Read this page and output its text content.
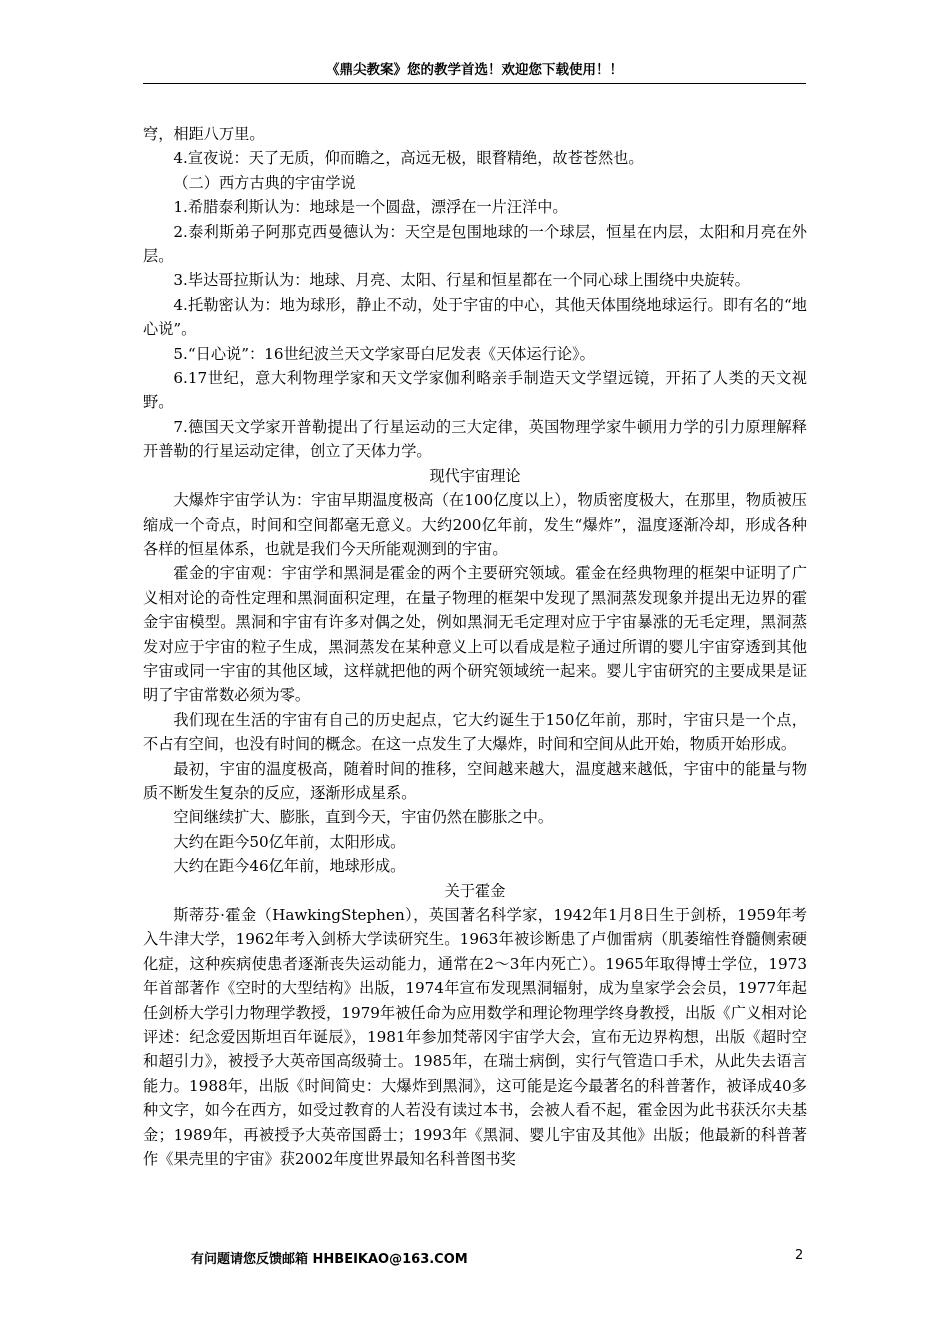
《鼎尖教案》您的教学首选！欢迎您下载使用！！

穹，相距八万里。

4.宣夜说：天了无质，仰而瞻之，高远无极，眼瞀精绝，故苍苍然也。

（二）西方古典的宇宙学说

1.希腊泰利斯认为：地球是一个圆盘，漂浮在一片汪洋中。

2.泰利斯弟子阿那克西曼德认为：天空是包围地球的一个球层，恒星在内层，太阳和月亮在外层。

3.毕达哥拉斯认为：地球、月亮、太阳、行星和恒星都在一个同心球上围绕中央旋转。

4.托勒密认为：地为球形，静止不动，处于宇宙的中心，其他天体围绕地球运行。即有名的“地心说”。

5.“日心说”：16世纪波兰天文学家哥白尼发表《天体运行论》。

6.17世纪，意大利物理学家和天文学家伽利略亲手制造天文学望远镜，开拓了人类的天文视野。

7.德国天文学家开普勒提出了行星运动的三大定律，英国物理学家牛顿用力学的引力原理解释开普勒的行星运动定律，创立了天体力学。

现代宇宙理论

大爆炸宇宙学认为：宇宙早期温度极高（在100亿度以上），物质密度极大，在那里，物质被压缩成一个奇点，时间和空间都毫无意义。大约200亿年前，发生“爆炸”，温度逐渐冷却，形成各种各样的恒星体系，也就是我们今天所能观测到的宇宙。

霍金的宇宙观：宇宙学和黑洞是霍金的两个主要研究领域。霍金在经典物理的框架中证明了广义相对论的奇性定理和黑洞面积定理，在量子物理的框架中发现了黑洞蒸发现象并提出无边界的霍金宇宙模型。黑洞和宇宙有许多对偶之处，例如黑洞无毛定理对应于宇宙暴涨的无毛定理，黑洞蒸发对应于宇宙的粒子生成，黑洞蒸发在某种意义上可以看成是粒子通过所谓的婴儿宇宙穿透到其他宇宙或同一宇宙的其他区域，这样就把他的两个研究领域统一起来。婴儿宇宙研究的主要成果是证明了宇宙常数必须为零。

我们现在生活的宇宙有自己的历史起点，它大约诞生于150亿年前，那时，宇宙只是一个点，不占有空间，也没有时间的概念。在这一点发生了大爆炸，时间和空间从此开始，物质开始形成。

最初，宇宙的温度极高，随着时间的推移，空间越来越大，温度越来越低，宇宙中的能量与物质不断发生复杂的反应，逐渐形成星系。

空间继续扩大、膨胀，直到今天，宇宙仍然在膨胀之中。

大约在距今50亿年前，太阳形成。

大约在距今46亿年前，地球形成。

关于霍金

斯蒂芬·霍金（HawkingStephen），英国著名科学家，1942年1月8日生于剑桥，1959年考入牛津大学，1962年考入剑桥大学读研究生。1963年被诊断患了卢伽雷病（肌萎缩性脊髓侧索硬化症，这种疾病使患者逐渐丧失运动能力，通常在2～3年内死亡）。1965年取得博士学位，1973年首部著作《空时的大型结构》出版，1974年宣布发现黑洞辐射，成为皇家学会会员，1977年起任剑桥大学引力物理学教授，1979年被任命为应用数学和理论物理学终身教授，出版《广义相对论评述：纪念爱因斯坦百年诞辰》，1981年参加梵蒂冈宇宙学大会，宣布无边界构想，出版《超时空和超引力》，被授予大英帝国高级骑士。1985年，在瑞士病倒，实行气管造口手术，从此失去语言能力。1988年，出版《时间简史：大爆炸到黑洞》，这可能是迄今最著名的科普著作，被译成40多种文字，如今在西方，如受过教育的人若没有读过本书，会被人看不起，霍金因为此书获沃尔夫基金；1989年，再被授予大英帝国爵士；1993年《黑洞、婴儿宇宙及其他》出版；他最新的科普著作《果壳里的宇宙》获2002年度世界最知名科普图书奖

有问题请您反馈邮箱 HHBEIKAO@163.COM	2
